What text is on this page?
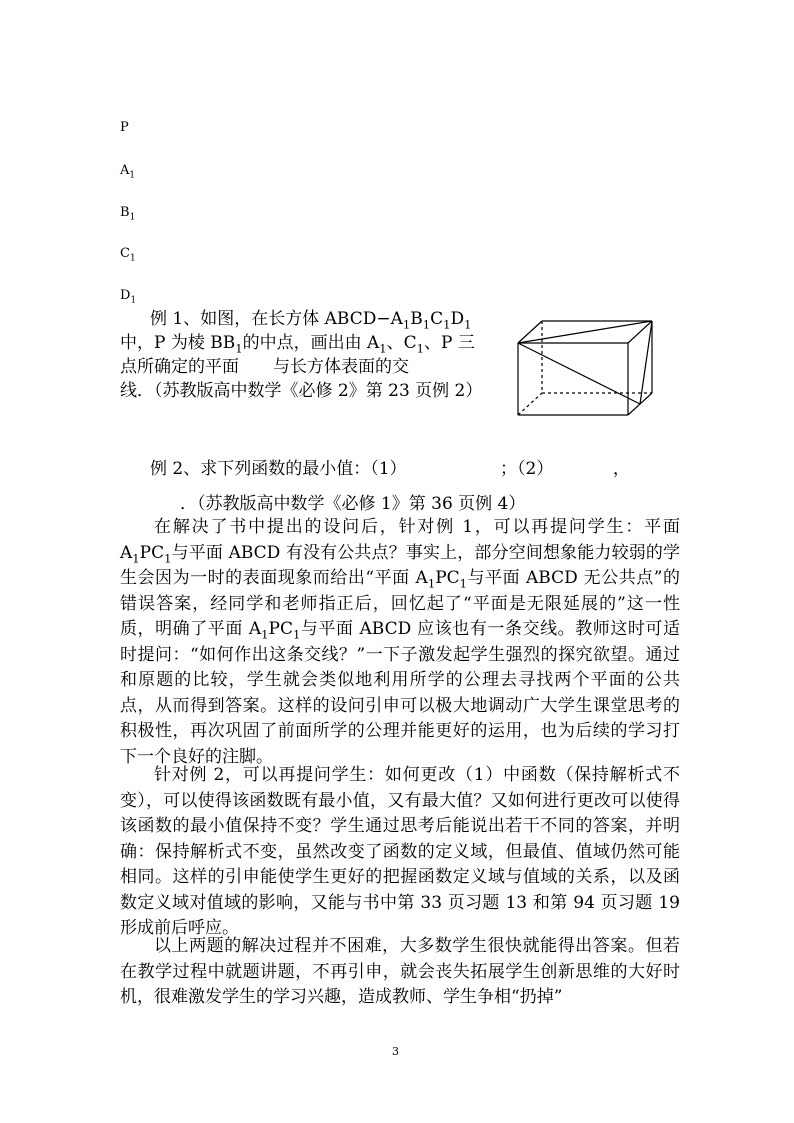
P
$A_1$
$B_1$
$C_1$
$D_1$
例 1、如图，在长方体 $ABCD-A_1B_1C_1D_1$
中，P 为棱 $BB_1$的中点，画出由 $A_1$、$C_1$、P 三
点所确定的平面　　与长方体表面的交
线．（苏教版高中数学《必修 2》第 23 页例 2）
例 2、求下列函数的最小值：（1）　　　　　　；（2）　　　　，
．（苏教版高中数学《必修 1》第 36 页例 4）
在解决了书中提出的设问后，针对例 1，可以再提问学生：平面 $A_1PC_1$与平面 ABCD 有没有公共点？事实上，部分空间想象能力较弱的学生会因为一时的表面现象而给出“平面 $A_1PC_1$与平面 ABCD 无公共点”的错误答案，经同学和老师指正后，回忆起了“平面是无限延展的”这一性质，明确了平面 $A_1PC_1$与平面 ABCD 应该也有一条交线。教师这时可适时提问：“如何作出这条交线？”一下子激发起学生强烈的探究欲望。通过和原题的比较，学生就会类似地利用所学的公理去寻找两个平面的公共点，从而得到答案。这样的设问引申可以极大地调动广大学生课堂思考的积极性，再次巩固了前面所学的公理并能更好的运用，也为后续的学习打下一个良好的注脚。
针对例 2，可以再提问学生：如何更改（1）中函数（保持解析式不变），可以使得该函数既有最小值，又有最大值？又如何进行更改可以使得该函数的最小值保持不变？学生通过思考后能说出若干不同的答案，并明确：保持解析式不变，虽然改变了函数的定义域，但最值、值域仍然可能相同。这样的引申能使学生更好的把握函数定义域与值域的关系，以及函数定义域对值域的影响，又能与书中第 33 页习题 13 和第 94 页习题 19 形成前后呼应。
以上两题的解决过程并不困难，大多数学生很快就能得出答案。但若在教学过程中就题讲题，不再引申，就会丧失拓展学生创新思维的大好时机，很难激发学生的学习兴趣，造成教师、学生争相“扔掉”
3
